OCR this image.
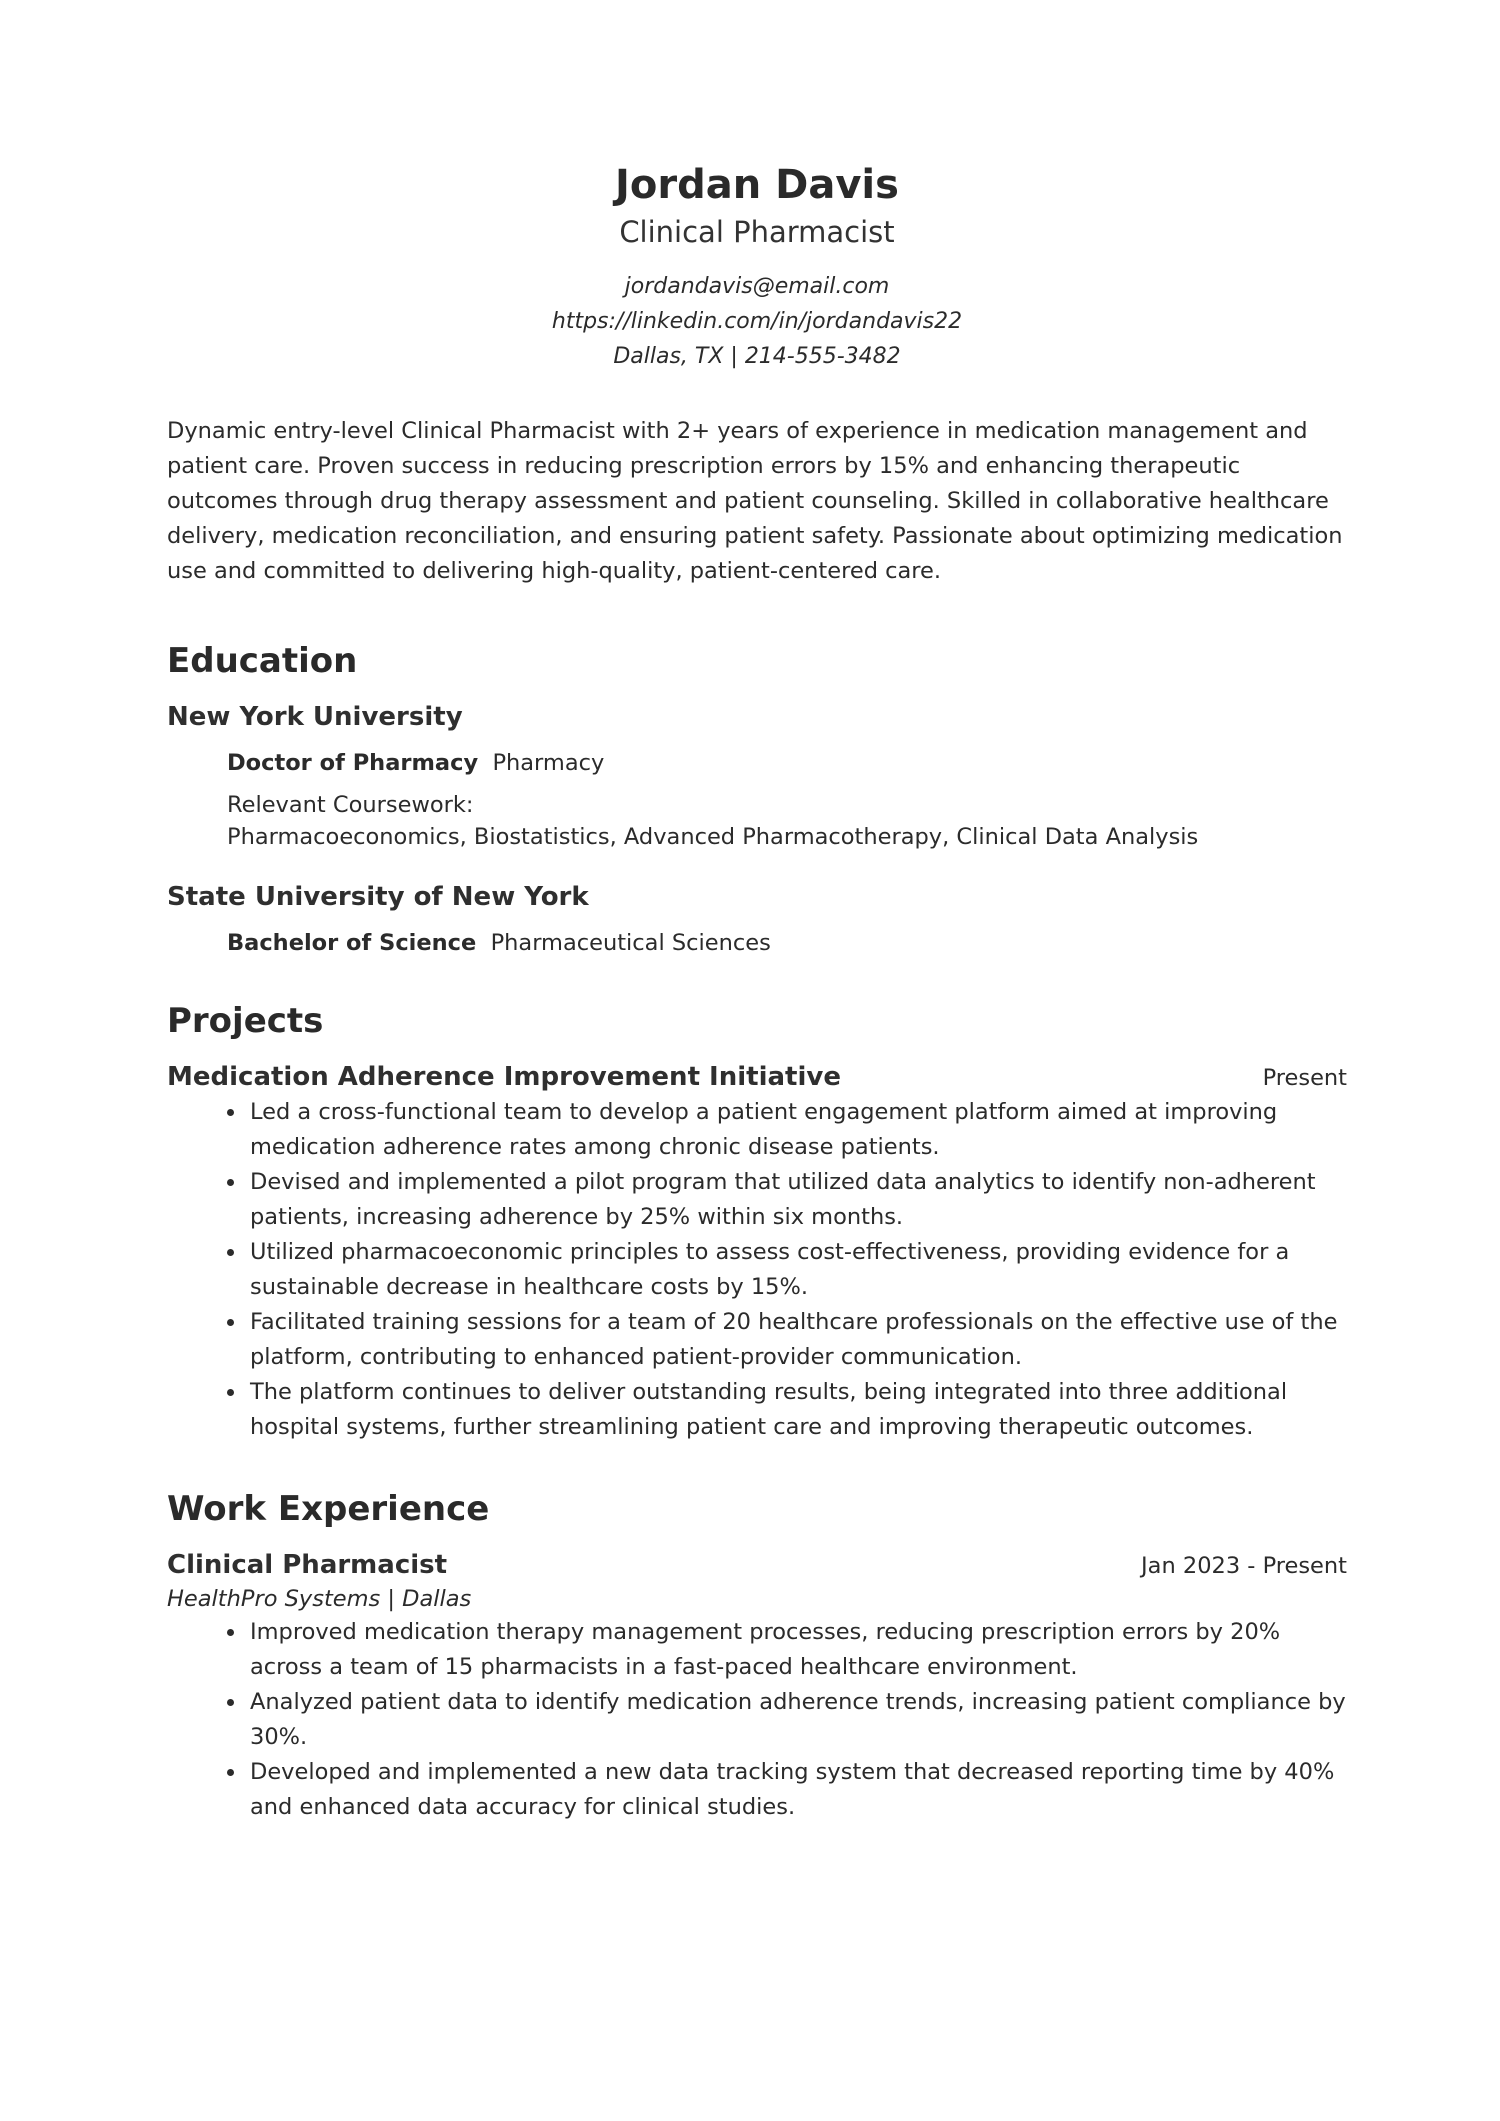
Jordan Davis
Clinical Pharmacist
jordandavis@email.com
https://linkedin.com/in/jordandavis22
Dallas, TX | 214-555-3482
Dynamic entry-level Clinical Pharmacist with 2+ years of experience in medication management and patient care. Proven success in reducing prescription errors by 15% and enhancing therapeutic outcomes through drug therapy assessment and patient counseling. Skilled in collaborative healthcare delivery, medication reconciliation, and ensuring patient safety. Passionate about optimizing medication use and committed to delivering high-quality, patient-centered care.
Education
New York University
Doctor of Pharmacy Pharmacy
Relevant Coursework:
Pharmacoeconomics, Biostatistics, Advanced Pharmacotherapy, Clinical Data Analysis
State University of New York
Bachelor of Science Pharmaceutical Sciences
Projects
Medication Adherence Improvement Initiative	Present
Led a cross-functional team to develop a patient engagement platform aimed at improving medication adherence rates among chronic disease patients.
Devised and implemented a pilot program that utilized data analytics to identify non-adherent patients, increasing adherence by 25% within six months.
Utilized pharmacoeconomic principles to assess cost-effectiveness, providing evidence for a sustainable decrease in healthcare costs by 15%.
Facilitated training sessions for a team of 20 healthcare professionals on the effective use of the platform, contributing to enhanced patient-provider communication.
The platform continues to deliver outstanding results, being integrated into three additional hospital systems, further streamlining patient care and improving therapeutic outcomes.
Work Experience
Clinical Pharmacist	Jan 2023 - Present
HealthPro Systems | Dallas
Improved medication therapy management processes, reducing prescription errors by 20% across a team of 15 pharmacists in a fast-paced healthcare environment.
Analyzed patient data to identify medication adherence trends, increasing patient compliance by 30%.
Developed and implemented a new data tracking system that decreased reporting time by 40% and enhanced data accuracy for clinical studies.
